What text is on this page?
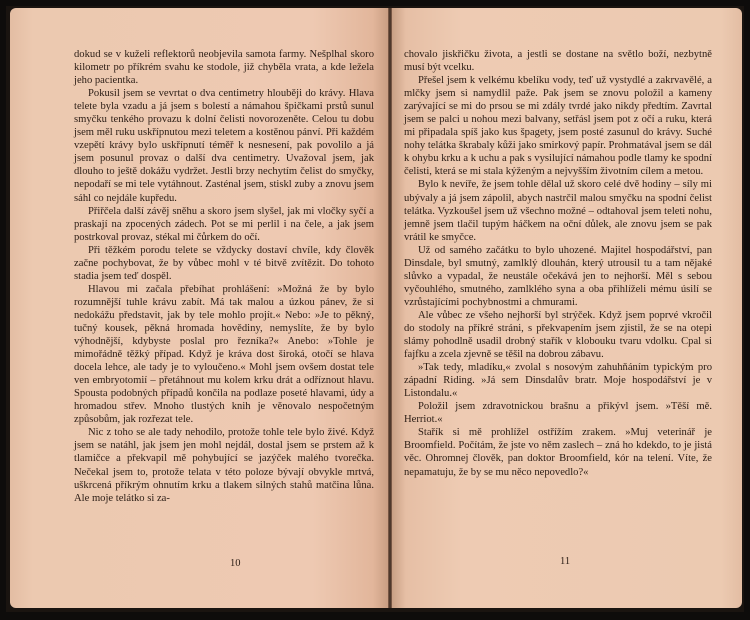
dokud se v kuželi reflektorů neobjevila samota farmy. Nešplhal skoro kilometr po příkrém svahu ke stodole, již chyběla vrata, a kde ležela jeho pacientka.

Pokusil jsem se vevrtat o dva centimetry hlouběji do krávy. Hlava telete byla vzadu a já jsem s bolestí a námahou špičkami prstů sunul smyčku tenkého provazu k dolní čelisti novorozeněte. Celou tu dobu jsem měl ruku uskřípnutou mezi teletem a kostěnou pánví. Při každém vzepětí krávy bylo uskřípnutí téměř k nesnesení, pak povolilo a já jsem posunul provaz o další dva centimetry. Uvažoval jsem, jak dlouho to ještě dokážu vydržet. Jestli brzy nechytím čelist do smyčky, nepodaří se mi tele vytáhnout. Zasténal jsem, stiskl zuby a znovu jsem sáhl co nejdále kupředu.

Přiřčela další závěj sněhu a skoro jsem slyšel, jak mi vločky syčí a praskají na zpocených zádech. Pot se mi perlil i na čele, a jak jsem postrkoval provaz, stékal mi čůrkem do očí.

Při těžkém porodu telete se vždycky dostaví chvíle, kdy člověk začne pochybovat, že by vůbec mohl v té bitvě zvítězit. Do tohoto stadia jsem teď dospěl.

Hlavou mi začala přebíhat prohlášení: »Možná že by bylo rozumnější tuhle krávu zabít. Má tak malou a úzkou pánev, že si nedokážu představit, jak by tele mohlo projít.« Nebo: »Je to pěkný, tučný kousek, pěkná hromada hovědiny, nemyslíte, že by bylo výhodnější, kdybyste poslal pro řezníka?« Anebo: »Tohle je mimořádně těžký případ. Když je kráva dost široká, otočí se hlava docela lehce, ale tady je to vyloučeno.« Mohl jsem ovšem dostat tele ven embryotomií – přetáhnout mu kolem krku drát a odříznout hlavu. Spousta podobných případů končila na podlaze poseté hlavami, údy a hromadou střev. Mnoho tlustých knih je věnovalo nespočetným způsobům, jak rozřezat tele.

Nic z toho se ale tady nehodilo, protože tohle tele bylo živé. Když jsem se natáhl, jak jsem jen mohl nejdál, dostal jsem se prstem až k tlamičce a překvapil mě pohybující se jazýček malého tvorečka. Nečekal jsem to, protože telata v této poloze bývají obvykle mrtvá, uškrcená příkrým ohnutím krku a tlakem silných stahů matčina lůna. Ale moje telátko si za-

10

chovalo jiskřičku života, a jestli se dostane na světlo boží, nezbytně musí být vcelku.

Přešel jsem k velkému kbelíku vody, teď už vystydlé a zakrvavělé, a mlčky jsem si namydlil paže. Pak jsem se znovu položil a kameny zarývající se mi do prsou se mi zdály tvrdé jako nikdy předtím. Zavrtal jsem se palci u nohou mezi balvany, setřásl jsem pot z očí a ruku, která mi připadala spíš jako kus špagety, jsem posté zasunul do krávy. Suché nohy telátka škrabaly kůži jako smirkový papír. Prohmatával jsem se dál k ohybu krku a k uchu a pak s vysilující námahou podle tlamy ke spodní čelisti, která se mi stala kýženým a nejvyšším životním cílem a metou.

Bylo k nevíře, že jsem tohle dělal už skoro celé dvě hodiny – síly mi ubývaly a já jsem zápolil, abych nastrčil malou smyčku na spodní čelist telátka. Vyzkoušel jsem už všechno možné – odtahoval jsem teleti nohu, jemně jsem tlačil tupým háčkem na oční důlek, ale znovu jsem se pak vrátil ke smyčce.

Už od samého začátku to bylo uhozené. Majitel hospodářství, pan Dinsdale, byl smutný, zamlklý dlouhán, který utrousil tu a tam nějaké slůvko a vypadal, že neustále očekává jen to nejhorší. Měl s sebou vyčouhlého, smutného, zamlklého syna a oba přihlíželi mému úsilí se vzrůstajícími pochybnostmi a chmurami.

Ale vůbec ze všeho nejhorší byl strýček. Když jsem poprvé vkročil do stodoly na příkré stráni, s překvapením jsem zjistil, že se na otepi slámy pohodlně usadil drobný stařík v klobouku tvaru vdolku. Cpal si fajfku a zcela zjevně se těšil na dobrou zábavu.

»Tak tedy, mladíku,« zvolal s nosovým zahuhňáním typickým pro západní Riding. »Já sem Dinsdalův bratr. Moje hospodářství je v Listondalu.«

Položil jsem zdravotnickou brašnu a přikývl jsem. »Těší mě. Herriot.«

Stařík si mě prohlížel ostřížím zrakem. »Muj veterinář je Broomfield. Počítám, že jste vo něm zaslech – zná ho kdekdo, to je jistá věc. Ohromnej člověk, pan doktor Broomfield, kór na telení. Víte, že nepamatuju, že by se mu něco nepovedlo?«

11
